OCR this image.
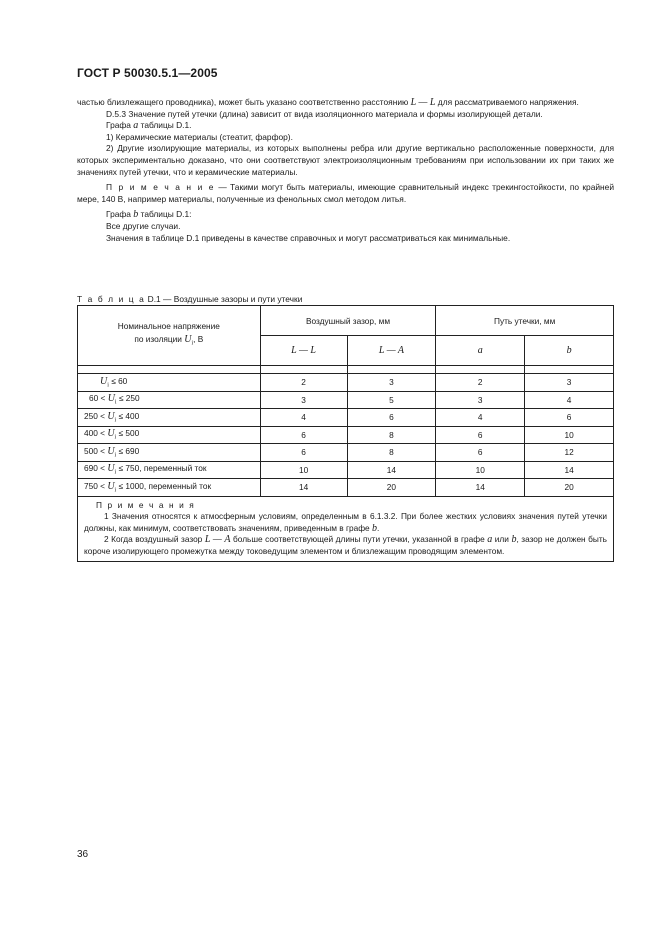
ГОСТ Р 50030.5.1—2005

частью близлежащего проводника), может быть указано соответственно расстоянию L — L для рассматриваемого напряжения.

D.5.3 Значение путей утечки (длина) зависит от вида изоляционного материала и формы изолирующей детали.

Графа a таблицы D.1.

1) Керамические материалы (стеатит, фарфор).

2) Другие изолирующие материалы, из которых выполнены ребра или другие вертикально расположенные поверхности, для которых экспериментально доказано, что они соответствуют электроизоляционным требованиям при использовании их при таких же значениях путей утечки, что и керамические материалы.

П р и м е ч а н и е — Такими могут быть материалы, имеющие сравнительный индекс трекингостойкости, по крайней мере, 140 В, например материалы, полученные из фенольных смол методом литья.

Графа b таблицы D.1:

Все другие случаи.

Значения в таблице D.1 приведены в качестве справочных и могут рассматриваться как минимальные.

Т а б л и ц а D.1 — Воздушные зазоры и пути утечки
Номинальное напряжение
по изоляции $U_i$, В	Воздушный зазор, мм		Путь утечки, мм	
	L — L	L — A	a	b

$U_i \le 60$	2	3	2	3
$60 < U_i \le 250$	3	5	3	4
$250 < U_i \le 400$	4	6	4	6
$400 < U_i \le 500$	6	8	6	10
$500 < U_i \le 690$	6	8	6	12
$690 < U_i \le 750$, переменный ток	10	14	10	14
$750 < U_i \le 1000$, переменный ток	14	20	14	20

П р и м е ч а н и я

1 Значения относятся к атмосферным условиям, определенным в 6.1.3.2. При более жестких условиях значения путей утечки должны, как минимум, соответствовать значениям, приведенным в графе b.

2 Когда воздушный зазор L — A больше соответствующей длины пути утечки, указанной в графе a или b, зазор не должен быть короче изолирующего промежутка между токоведущим элементом и близлежащим проводящим элементом.				

36
